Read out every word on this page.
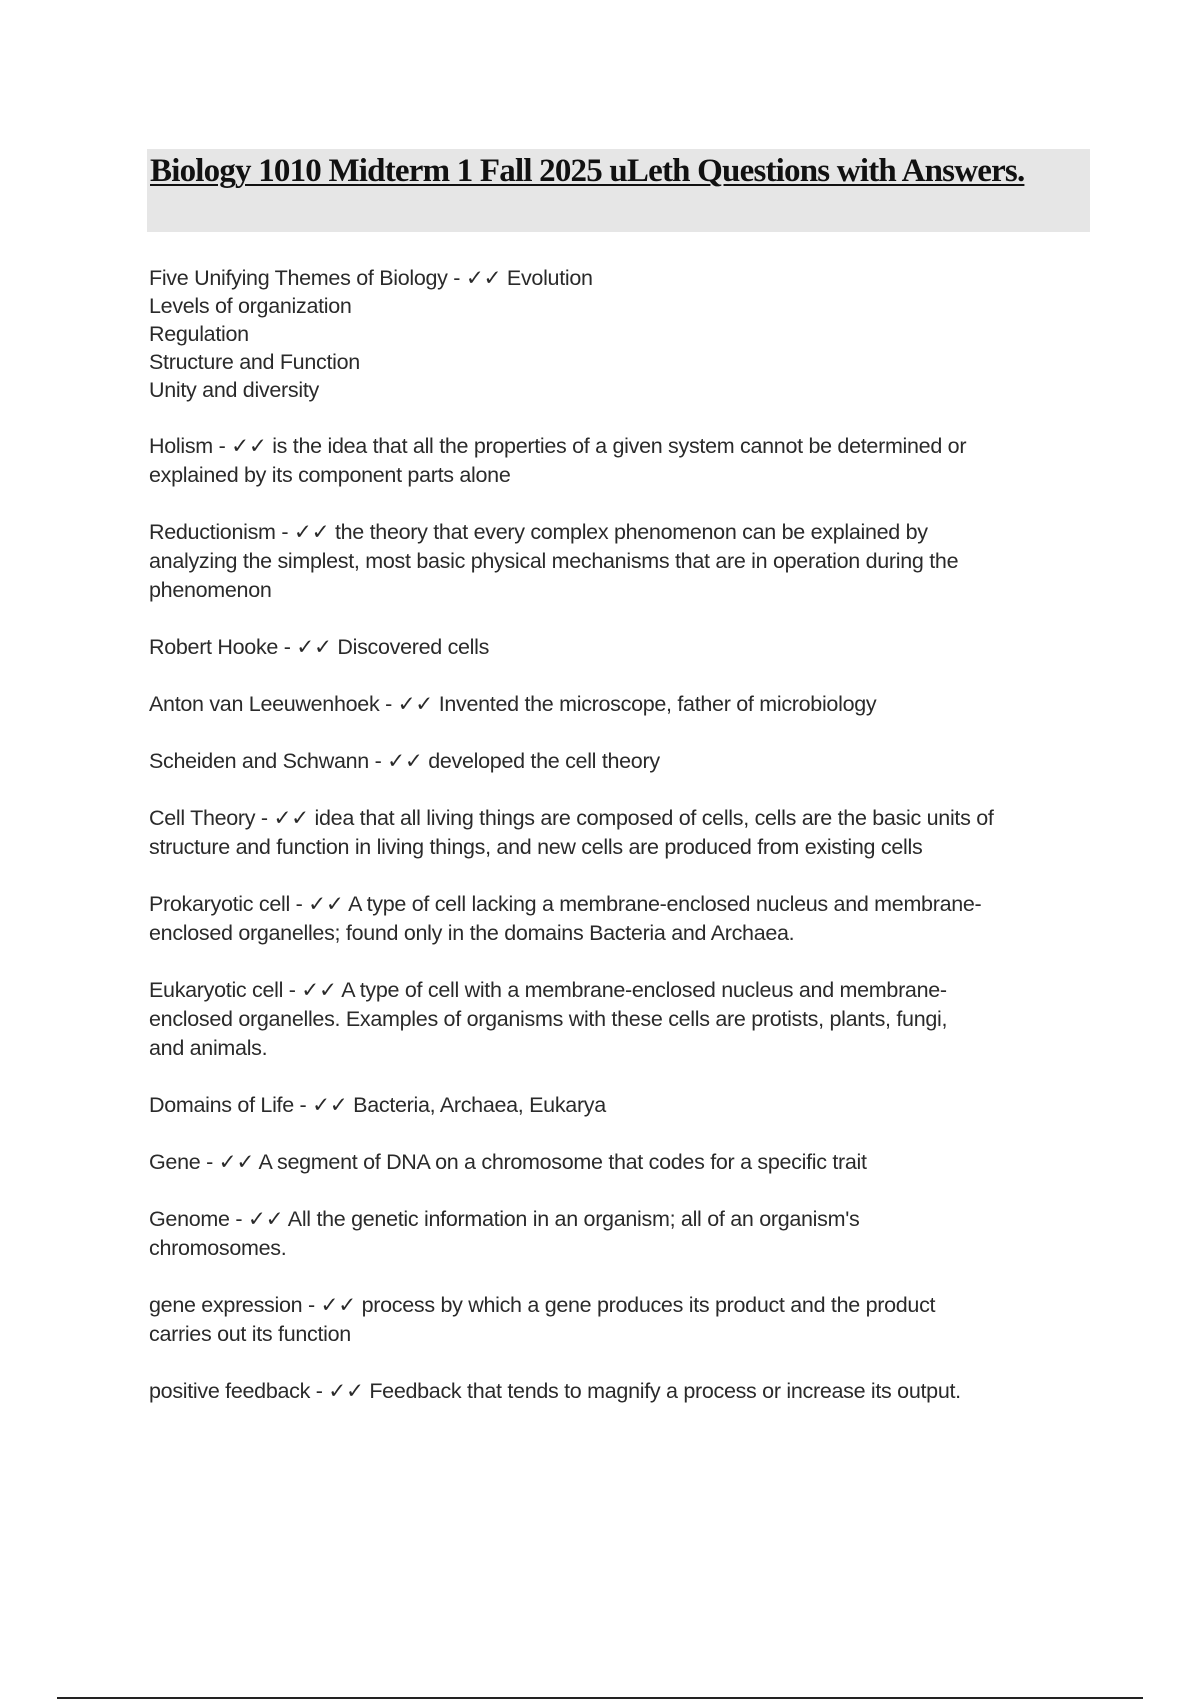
Biology 1010 Midterm 1 Fall 2025 uLeth Questions with Answers.

Five Unifying Themes of Biology - ✓✓ Evolution
Levels of organization
Regulation
Structure and Function
Unity and diversity

Holism - ✓✓ is the idea that all the properties of a given system cannot be determined or
explained by its component parts alone

Reductionism - ✓✓ the theory that every complex phenomenon can be explained by
analyzing the simplest, most basic physical mechanisms that are in operation during the
phenomenon

Robert Hooke - ✓✓ Discovered cells

Anton van Leeuwenhoek - ✓✓ Invented the microscope, father of microbiology

Scheiden and Schwann - ✓✓ developed the cell theory

Cell Theory - ✓✓ idea that all living things are composed of cells, cells are the basic units of
structure and function in living things, and new cells are produced from existing cells

Prokaryotic cell - ✓✓ A type of cell lacking a membrane-enclosed nucleus and membrane-
enclosed organelles; found only in the domains Bacteria and Archaea.

Eukaryotic cell - ✓✓ A type of cell with a membrane-enclosed nucleus and membrane-
enclosed organelles. Examples of organisms with these cells are protists, plants, fungi,
and animals.

Domains of Life - ✓✓ Bacteria, Archaea, Eukarya

Gene - ✓✓ A segment of DNA on a chromosome that codes for a specific trait

Genome - ✓✓ All the genetic information in an organism; all of an organism's
chromosomes.

gene expression - ✓✓ process by which a gene produces its product and the product
carries out its function

positive feedback - ✓✓ Feedback that tends to magnify a process or increase its output.
